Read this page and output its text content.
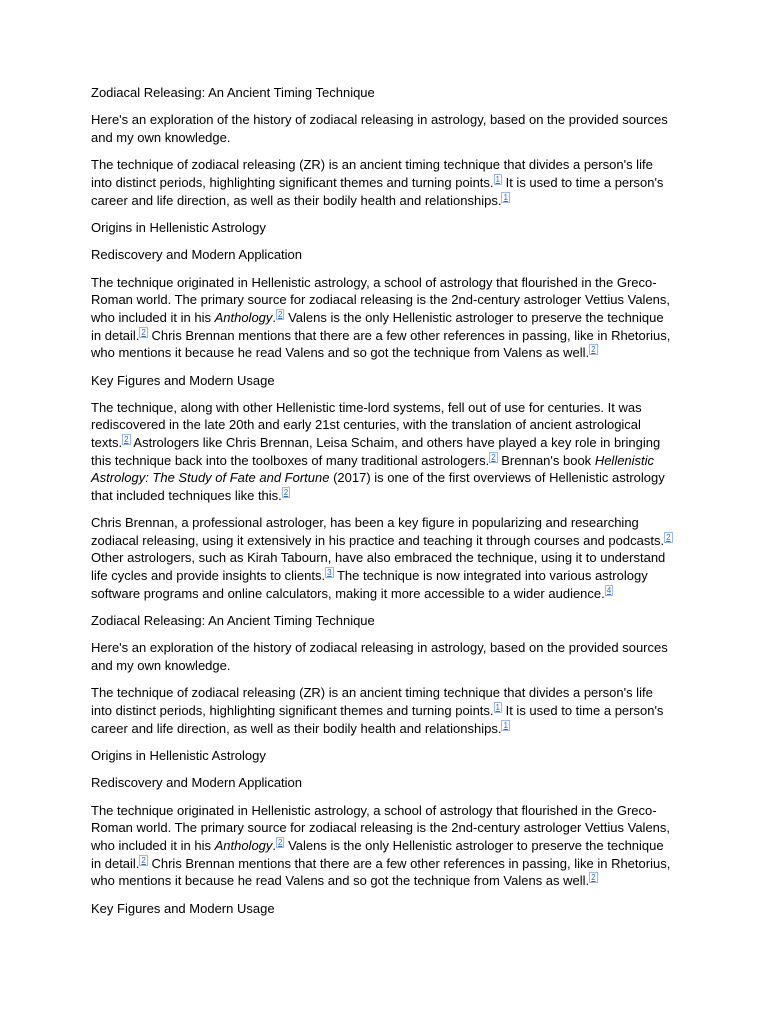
Zodiacal Releasing: An Ancient Timing Technique
Here's an exploration of the history of zodiacal releasing in astrology, based on the provided sources and my own knowledge.
The technique of zodiacal releasing (ZR) is an ancient timing technique that divides a person's life into distinct periods, highlighting significant themes and turning points. $^1$ It is used to time a person's career and life direction, as well as their bodily health and relationships. $^1$
Origins in Hellenistic Astrology
Rediscovery and Modern Application
The technique originated in Hellenistic astrology, a school of astrology that flourished in the Greco-Roman world. The primary source for zodiacal releasing is the 2nd-century astrologer Vettius Valens, who included it in his Anthology. $^2$ Valens is the only Hellenistic astrologer to preserve the technique in detail. $^2$ Chris Brennan mentions that there are a few other references in passing, like in Rhetorius, who mentions it because he read Valens and so got the technique from Valens as well. $^2$
Key Figures and Modern Usage
The technique, along with other Hellenistic time-lord systems, fell out of use for centuries. It was rediscovered in the late 20th and early 21st centuries, with the translation of ancient astrological texts. $^2$ Astrologers like Chris Brennan, Leisa Schaim, and others have played a key role in bringing this technique back into the toolboxes of many traditional astrologers. $^2$ Brennan's book Hellenistic Astrology: The Study of Fate and Fortune (2017) is one of the first overviews of Hellenistic astrology that included techniques like this. $^2$
Chris Brennan, a professional astrologer, has been a key figure in popularizing and researching zodiacal releasing, using it extensively in his practice and teaching it through courses and podcasts. $^2$ Other astrologers, such as Kirah Tabourn, have also embraced the technique, using it to understand life cycles and provide insights to clients. $^3$ The technique is now integrated into various astrology software programs and online calculators, making it more accessible to a wider audience. $^4$
Zodiacal Releasing: An Ancient Timing Technique
Here's an exploration of the history of zodiacal releasing in astrology, based on the provided sources and my own knowledge.
The technique of zodiacal releasing (ZR) is an ancient timing technique that divides a person's life into distinct periods, highlighting significant themes and turning points. $^1$ It is used to time a person's career and life direction, as well as their bodily health and relationships. $^1$
Origins in Hellenistic Astrology
Rediscovery and Modern Application
The technique originated in Hellenistic astrology, a school of astrology that flourished in the Greco-Roman world. The primary source for zodiacal releasing is the 2nd-century astrologer Vettius Valens, who included it in his Anthology. $^2$ Valens is the only Hellenistic astrologer to preserve the technique in detail. $^2$ Chris Brennan mentions that there are a few other references in passing, like in Rhetorius, who mentions it because he read Valens and so got the technique from Valens as well. $^2$
Key Figures and Modern Usage
